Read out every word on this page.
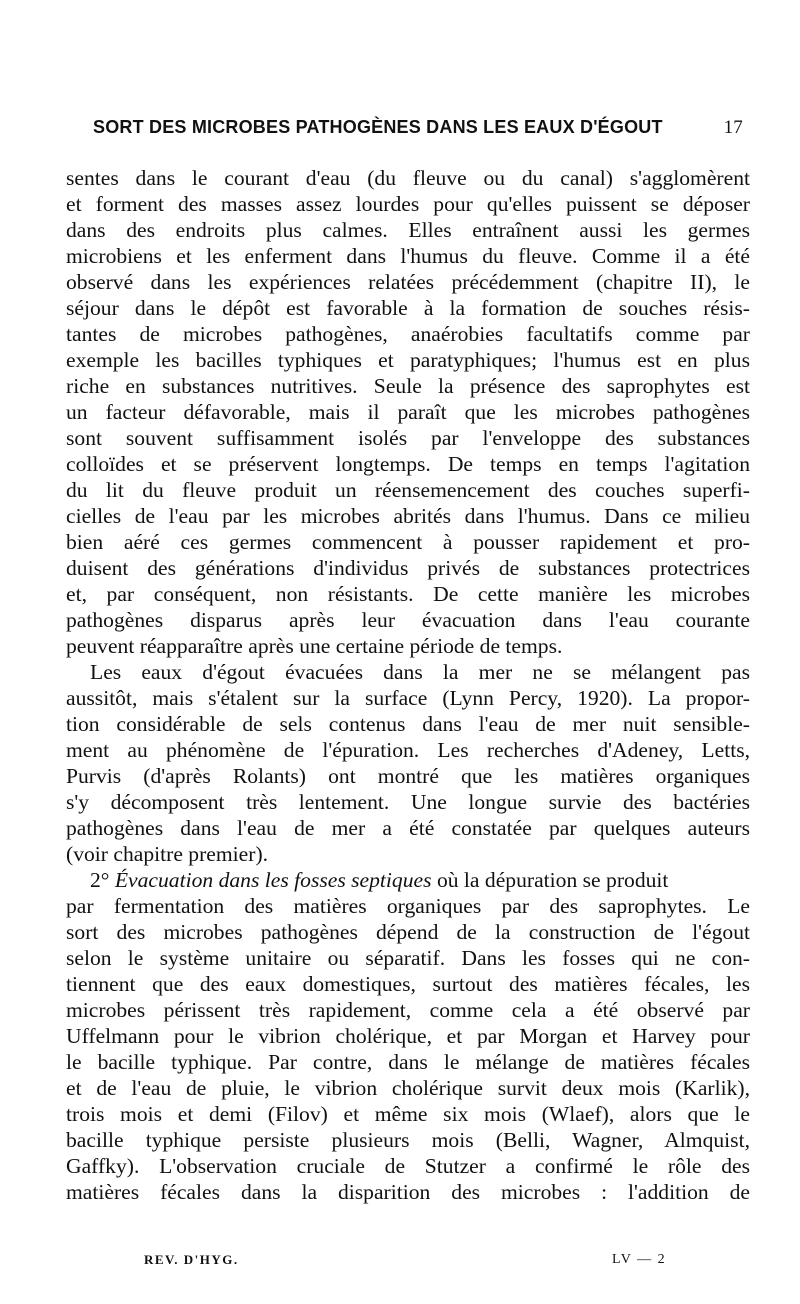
SORT DES MICROBES PATHOGÈNES DANS LES EAUX D'ÉGOUT	17
sentes dans le courant d'eau (du fleuve ou du canal) s'agglomèrent
et forment des masses assez lourdes pour qu'elles puissent se déposer
dans des endroits plus calmes. Elles entraînent aussi les germes
microbiens et les enferment dans l'humus du fleuve. Comme il a été
observé dans les expériences relatées précédemment (chapitre II), le
séjour dans le dépôt est favorable à la formation de souches résis-
tantes de microbes pathogènes, anaérobies facultatifs comme par
exemple les bacilles typhiques et paratyphiques; l'humus est en plus
riche en substances nutritives. Seule la présence des saprophytes est
un facteur défavorable, mais il paraît que les microbes pathogènes
sont souvent suffisamment isolés par l'enveloppe des substances
colloïdes et se préservent longtemps. De temps en temps l'agitation
du lit du fleuve produit un réensemencement des couches superfi-
cielles de l'eau par les microbes abrités dans l'humus. Dans ce milieu
bien aéré ces germes commencent à pousser rapidement et pro-
duisent des générations d'individus privés de substances protectrices
et, par conséquent, non résistants. De cette manière les microbes
pathogènes disparus après leur évacuation dans l'eau courante
peuvent réapparaître après une certaine période de temps.
Les eaux d'égout évacuées dans la mer ne se mélangent pas
aussitôt, mais s'étalent sur la surface (Lynn Percy, 1920). La propor-
tion considérable de sels contenus dans l'eau de mer nuit sensible-
ment au phénomène de l'épuration. Les recherches d'Adeney, Letts,
Purvis (d'après Rolants) ont montré que les matières organiques
s'y décomposent très lentement. Une longue survie des bactéries
pathogènes dans l'eau de mer a été constatée par quelques auteurs
(voir chapitre premier).
2° Évacuation dans les fosses septiques où la dépuration se produit
par fermentation des matières organiques par des saprophytes. Le
sort des microbes pathogènes dépend de la construction de l'égout
selon le système unitaire ou séparatif. Dans les fosses qui ne con-
tiennent que des eaux domestiques, surtout des matières fécales, les
microbes périssent très rapidement, comme cela a été observé par
Uffelmann pour le vibrion cholérique, et par Morgan et Harvey pour
le bacille typhique. Par contre, dans le mélange de matières fécales
et de l'eau de pluie, le vibrion cholérique survit deux mois (Karlik),
trois mois et demi (Filov) et même six mois (Wlaef), alors que le
bacille typhique persiste plusieurs mois (Belli, Wagner, Almquist,
Gaffky). L'observation cruciale de Stutzer a confirmé le rôle des
matières fécales dans la disparition des microbes : l'addition de
REV. D'HYG.	LV — 2
